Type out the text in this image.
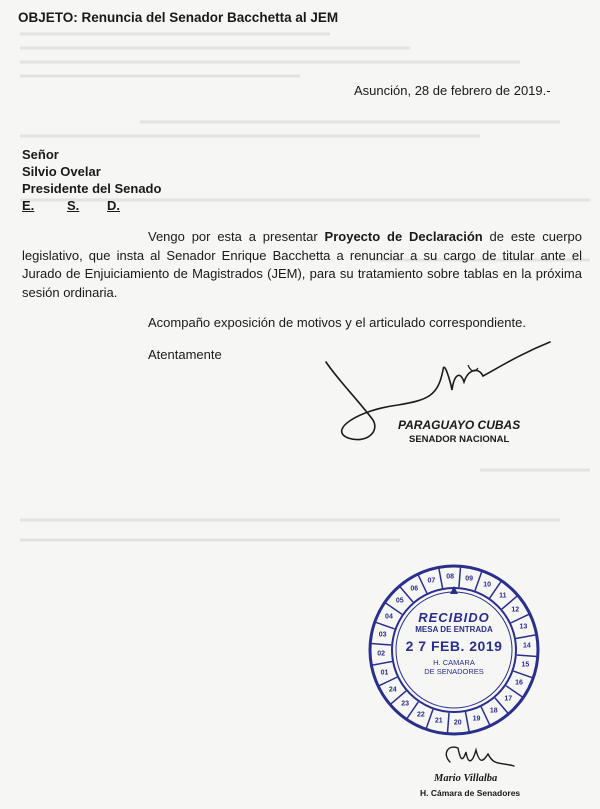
OBJETO: Renuncia del Senador Bacchetta al JEM
Asunción, 28 de febrero de 2019.-
Señor
Silvio Ovelar
Presidente del Senado
E.	S. D.
Vengo por esta a presentar Proyecto de Declaración de este cuerpo legislativo, que insta al Senador Enrique Bacchetta a renunciar a su cargo de titular ante el Jurado de Enjuiciamiento de Magistrados (JEM), para su tratamiento sobre tablas en la próxima sesión ordinaria.
Acompaño exposición de motivos y el articulado correspondiente.
Atentamente
PARAGUAYO CUBAS
SENADOR NACIONAL
07 08 09
10
11
12
13
14
15
16
17
18
19
20
21
22
23
24
01
02
03
04
05
06
RECIBIDO
MESA DE ENTRADA
2 7 FEB. 2019
H. CAMARA
DE SENADORES
Mario Villalba
H. Cámara de Senadores
